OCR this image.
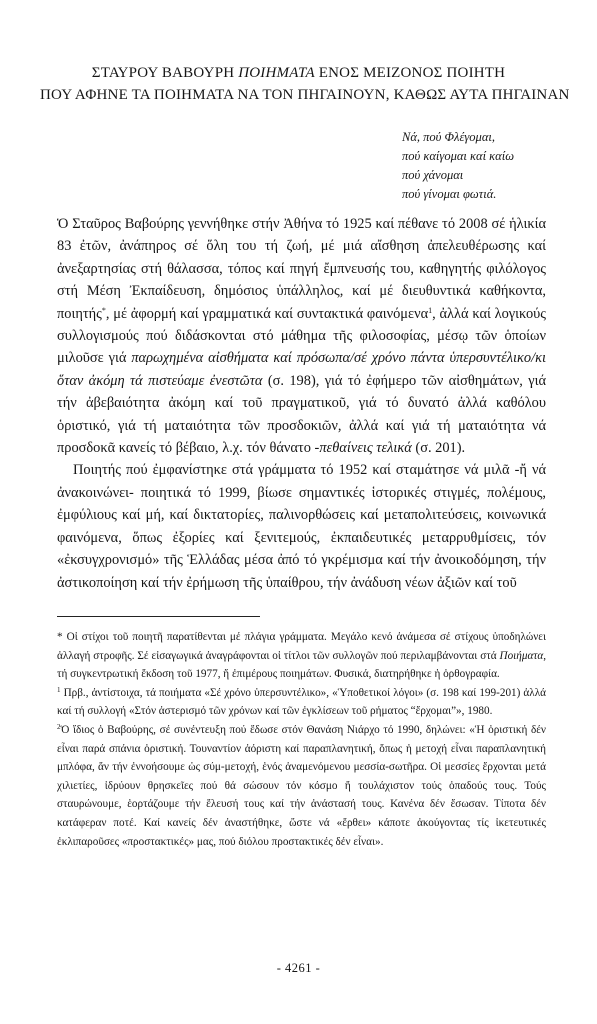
ΣΤΑΥΡΟΥ ΒΑΒΟΥΡΗ ΠΟΙΗΜΑΤΑ ΕΝΟΣ ΜΕΙΖΟΝΟΣ ΠΟΙΗΤΗ
ΠΟΥ ΑΦΗΝΕ ΤΑ ΠΟΙΗΜΑΤΑ ΝΑ ΤΟΝ ΠΗΓΑΙΝΟΥΝ, ΚΑΘΩΣ ΑΥΤΑ ΠΗΓΑΙΝΑΝ
Νά, πού Φλέγομαι,
πού καίγομαι καί καίω
πού χάνομαι
πού γίνομαι φωτιά.

Ὁ Σταῦρος Βαβούρης γεννήθηκε στήν Ἀθήνα τό 1925 καί πέθανε τό 2008 σέ ἡλικία 83 ἐτῶν, ἀνάπηρος σέ ὅλη του τή ζωή, μέ μιά αἴσθηση ἀπελευθέρωσης καί ἀνεξαρτησίας στή θάλασσα, τόπος καί πηγή ἔμπνευσής του, καθηγητής φιλόλογος στή Μέση Ἐκπαίδευση, δημόσιος ὑπάλληλος, καί μέ διευθυντικά καθήκοντα, ποιητής*, μέ ἀφορμή καί γραμματικά καί συντακτικά φαινόμενα$^1$, ἀλλά καί λογικούς συλλογισμούς πού διδάσκονται στό μάθημα τῆς φιλοσοφίας, μέσῳ τῶν ὁποίων μιλοῦσε γιά παρωχημένα αἰσθήματα καί πρόσωπα/σέ χρόνο πάντα ὑπερσυντέλικο/κι ὅταν ἀκόμη τά πιστεύαμε ἐνεστῶτα (σ. 198), γιά τό ἐφήμερο τῶν αἰσθημάτων, γιά τήν ἀβεβαιότητα ἀκόμη καί τοῦ πραγματικοῦ, γιά τό δυνατό ἀλλά καθόλου ὁριστικό, γιά τή ματαιότητα τῶν προσδοκιῶν, ἀλλά καί γιά τή ματαιότητα νά προσδοκᾶ κανείς τό βέβαιο, λ.χ. τόν θάνατο -πεθαίνεις τελικά (σ. 201).

Ποιητής πού ἐμφανίστηκε στά γράμματα τό 1952 καί σταμάτησε νά μιλᾶ -ἤ νά ἀνακοινώνει- ποιητικά τό 1999, βίωσε σημαντικές ἱστορικές στιγμές, πολέμους, ἐμφύλιους καί μή, καί δικτατορίες, παλινορθώσεις καί μεταπολιτεύσεις, κοινωνικά φαινόμενα, ὅπως ἐξορίες καί ξενιτεμούς, ἐκπαιδευτικές μεταρρυθμίσεις, τόν «ἐκσυγχρονισμό» τῆς Ἑλλάδας μέσα ἀπό τό γκρέμισμα καί τήν ἀνοικοδόμηση, τήν ἀστικοποίηση καί τήν ἐρήμωση τῆς ὑπαίθρου, τήν ἀνάδυση νέων ἀξιῶν καί τοῦ

* Οἱ στίχοι τοῦ ποιητῆ παρατίθενται μέ πλάγια γράμματα. Μεγάλο κενό ἀνάμεσα σέ στίχους ὑποδηλώνει ἀλλαγή στροφῆς. Σέ εἰσαγωγικά ἀναγράφονται οἱ τίτλοι τῶν συλλογῶν πού περιλαμβάνονται στά Ποιήματα, τή συγκεντρωτική ἔκδοση τοῦ 1977, ἤ ἐπιμέρους ποιημάτων. Φυσικά, διατηρήθηκε ἡ ὀρθογραφία.

$^1$ Πρβ., ἀντίστοιχα, τά ποιήματα «Σέ χρόνο ὑπερσυντέλικο», «Ὑποθετικοί λόγοι» (σ. 198 καί 199-201) ἀλλά καί τή συλλογή «Στόν ἀστερισμό τῶν χρόνων καί τῶν ἐγκλίσεων τοῦ ρήματος “ἔρχομαι”», 1980.

$^2$Ὁ ἴδιος ὁ Βαβούρης, σέ συνέντευξη πού ἔδωσε στόν Θανάση Νιάρχο τό 1990, δηλώνει: «Ἡ ὁριστική δέν εἶναι παρά σπάνια ὁριστική. Τουναντίον ἀόριστη καί παραπλανητική, ὅπως ἡ μετοχή εἶναι παραπλανητική μπλόφα, ἄν τήν ἐννοήσουμε ὡς σύμ-μετοχή, ἑνός ἀναμενόμενου μεσσία-σωτῆρα. Οἱ μεσσίες ἔρχονται μετά χιλιετίες, ἱδρύουν θρησκεῖες πού θά σώσουν τόν κόσμο ἤ τουλάχιστον τούς ὀπαδούς τους. Τούς σταυρώνουμε, ἑορτάζουμε τήν ἔλευσή τους καί τήν ἀνάστασή τους. Κανένα δέν ἔσωσαν. Τίποτα δέν κατάφεραν ποτέ. Καί κανείς δέν ἀναστήθηκε, ὥστε νά «ἔρθει» κάποτε ἀκούγοντας τίς ἱκετευτικές ἐκλιπαροῦσες «προστακτικές» μας, πού διόλου προστακτικές δέν εἶναι».

- 4261 -
